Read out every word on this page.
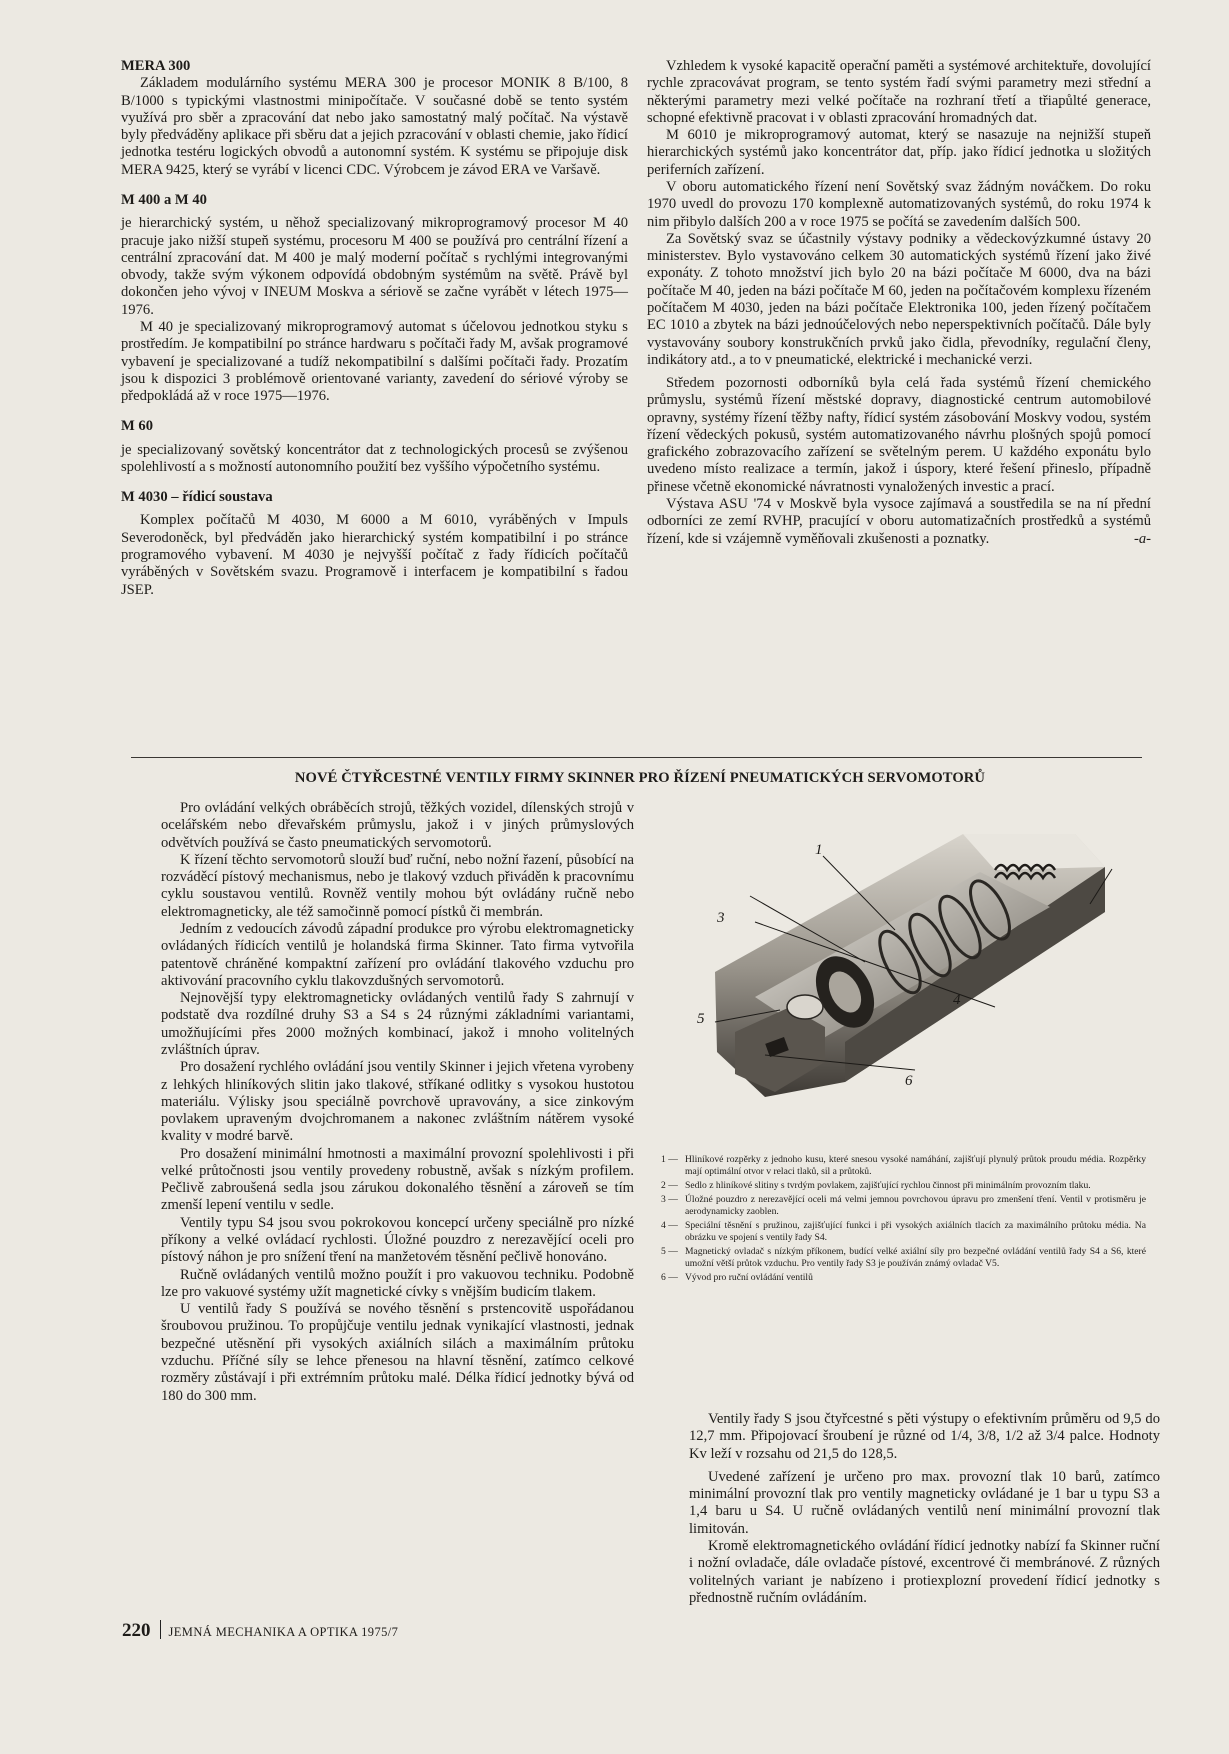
MERA 300

Základem modulárního systému MERA 300 je procesor MONIK 8 B/100, 8 B/1000 s typickými vlastnostmi minipočítače. V současné době se tento systém využívá pro sběr a zpracování dat nebo jako samostatný malý počítač. Na výstavě byly předváděny aplikace při sběru dat a jejich pzracování v oblasti chemie, jako řídicí jednotka testéru logických obvodů a autonomní systém. K systému se připojuje disk MERA 9425, který se vyrábí v licenci CDC. Výrobcem je závod ERA ve Varšavě.

M 400 a M 40

je hierarchický systém, u něhož specializovaný mikroprogramový procesor M 40 pracuje jako nižší stupeň systému, procesoru M 400 se používá pro centrální řízení a centrální zpracování dat. M 400 je malý moderní počítač s rychlými integrovanými obvody, takže svým výkonem odpovídá obdobným systémům na světě. Právě byl dokončen jeho vývoj v INEUM Moskva a sériově se začne vyrábět v létech 1975—1976.

M 40 je specializovaný mikroprogramový automat s účelovou jednotkou styku s prostředím. Je kompatibilní po stránce hardwaru s počítači řady M, avšak programové vybavení je specializované a tudíž nekompatibilní s dalšími počítači řady. Prozatím jsou k dispozici 3 problémově orientované varianty, zavedení do sériové výroby se předpokládá až v roce 1975—1976.

M 60

je specializovaný sovětský koncentrátor dat z technologických procesů se zvýšenou spolehlivostí a s možností autonomního použití bez vyššího výpočetního systému.

M 4030 – řídicí soustava

Komplex počítačů M 4030, M 6000 a M 6010, vyráběných v Impuls Severodoněck, byl předváděn jako hierarchický systém kompatibilní i po stránce programového vybavení. M 4030 je nejvyšší počítač z řady řídicích počítačů vyráběných v Sovětském svazu. Programově i interfacem je kompatibilní s řadou JSEP.

Vzhledem k vysoké kapacitě operační paměti a systémové architektuře, dovolující rychle zpracovávat program, se tento systém řadí svými parametry mezi střední a některými parametry mezi velké počítače na rozhraní třetí a třiapůlté generace, schopné efektivně pracovat i v oblasti zpracování hromadných dat.

M 6010 je mikroprogramový automat, který se nasazuje na nejnižší stupeň hierarchických systémů jako koncentrátor dat, příp. jako řídicí jednotka u složitých periferních zařízení.

V oboru automatického řízení není Sovětský svaz žádným nováčkem. Do roku 1970 uvedl do provozu 170 komplexně automatizovaných systémů, do roku 1974 k nim přibylo dalších 200 a v roce 1975 se počítá se zavedením dalších 500.

Za Sovětský svaz se účastnily výstavy podniky a vědeckovýzkumné ústavy 20 ministerstev. Bylo vystavováno celkem 30 automatických systémů řízení jako živé exponáty. Z tohoto množství jich bylo 20 na bázi počítače M 6000, dva na bázi počítače M 40, jeden na bázi počítače M 60, jeden na počítačovém komplexu řízeném počítačem M 4030, jeden na bázi počítače Elektronika 100, jeden řízený počítačem EC 1010 a zbytek na bázi jednoúčelových nebo neperspektivních počítačů. Dále byly vystavovány soubory konstrukčních prvků jako čidla, převodníky, regulační členy, indikátory atd., a to v pneumatické, elektrické i mechanické verzi.

Středem pozornosti odborníků byla celá řada systémů řízení chemického průmyslu, systémů řízení městské dopravy, diagnostické centrum automobilové opravny, systémy řízení těžby nafty, řídicí systém zásobování Moskvy vodou, systém řízení vědeckých pokusů, systém automatizovaného návrhu plošných spojů pomocí grafického zobrazovacího zařízení se světelným perem. U každého exponátu bylo uvedeno místo realizace a termín, jakož i úspory, které řešení přineslo, případně přinese včetně ekonomické návratnosti vynaložených investic a prací.

Výstava ASU '74 v Moskvě byla vysoce zajímavá a soustředila se na ní přední odborníci ze zemí RVHP, pracující v oboru automatizačních prostředků a systémů řízení, kde si vzájemně vyměňovali zkušenosti a poznatky.	-a-

NOVÉ ČTYŘCESTNÉ VENTILY FIRMY SKINNER PRO ŘÍZENÍ PNEUMATICKÝCH SERVOMOTORŮ

Pro ovládání velkých obráběcích strojů, těžkých vozidel, dílenských strojů v ocelářském nebo dřevařském průmyslu, jakož i v jiných průmyslových odvětvích používá se často pneumatických servomotorů.

K řízení těchto servomotorů slouží buď ruční, nebo nožní řazení, působící na rozváděcí pístový mechanismus, nebo je tlakový vzduch přiváděn k pracovnímu cyklu soustavou ventilů. Rovněž ventily mohou být ovládány ručně nebo elektromagneticky, ale též samočinně pomocí pístků či membrán.

Jedním z vedoucích závodů západní produkce pro výrobu elektromagneticky ovládaných řídicích ventilů je holandská firma Skinner. Tato firma vytvořila patentově chráněné kompaktní zařízení pro ovládání tlakového vzduchu pro aktivování pracovního cyklu tlakovzdušných servomotorů.

Nejnovější typy elektromagneticky ovládaných ventilů řady S zahrnují v podstatě dva rozdílné druhy S3 a S4 s 24 různými základními variantami, umožňujícími přes 2000 možných kombinací, jakož i mnoho volitelných zvláštních úprav.

Pro dosažení rychlého ovládání jsou ventily Skinner i jejich vřetena vyrobeny z lehkých hliníkových slitin jako tlakové, stříkané odlitky s vysokou hustotou materiálu. Výlisky jsou speciálně povrchově upravovány, a sice zinkovým povlakem upraveným dvojchromanem a nakonec zvláštním nátěrem vysoké kvality v modré barvě.

Pro dosažení minimální hmotnosti a maximální provozní spolehlivosti i při velké průtočnosti jsou ventily provedeny robustně, avšak s nízkým profilem. Pečlivě zabroušená sedla jsou zárukou dokonalého těsnění a zároveň se tím zmenší lepení ventilu v sedle.

Ventily typu S4 jsou svou pokrokovou koncepcí určeny speciálně pro nízké příkony a velké ovládací rychlosti. Úložné pouzdro z nerezavějící oceli pro pístový náhon je pro snížení tření na manžetovém těsnění pečlivě honováno.

Ručně ovládaných ventilů možno použít i pro vakuovou techniku. Podobně lze pro vakuové systémy užít magnetické cívky s vnějším budicím tlakem.

U ventilů řady S používá se nového těsnění s prstencovitě uspořádanou šroubovou pružinou. To propůjčuje ventilu jednak vynikající vlastnosti, jednak bezpečné utěsnění při vysokých axiálních silách a maximálním průtoku vzduchu. Příčné síly se lehce přenesou na hlavní těsnění, zatímco celkové rozměry zůstávají i při extrémním průtoku malé. Délka řídicí jednotky bývá od 180 do 300 mm.

1
3
4
5
6
1 — Hliníkové rozpěrky z jednoho kusu, které snesou vysoké namáhání, zajišťují plynulý průtok proudu média. Rozpěrky mají optimální otvor v relaci tlaků, sil a průtoků.
2 — Sedlo z hliníkové slitiny s tvrdým povlakem, zajišťující rychlou činnost při minimálním provozním tlaku.
3 — Úložné pouzdro z nerezavějící oceli má velmi jemnou povrchovou úpravu pro zmenšení tření. Ventil v protisměru je aerodynamicky zaoblen.
4 — Speciální těsnění s pružinou, zajišťující funkci i při vysokých axiálních tlacích za maximálního průtoku média. Na obrázku ve spojení s ventily řady S4.
5 — Magnetický ovladač s nízkým příkonem, budící velké axiální síly pro bezpečné ovládání ventilů řady S4 a S6, které umožní větší průtok vzduchu. Pro ventily řady S3 je používán známý ovladač V5.
6 — Vývod pro ruční ovládání ventilů

Ventily řady S jsou čtyřcestné s pěti výstupy o efektivním průměru od 9,5 do 12,7 mm. Připojovací šroubení je různé od 1/4, 3/8, 1/2 až 3/4 palce. Hodnoty Kv leží v rozsahu od 21,5 do 128,5.

Uvedené zařízení je určeno pro max. provozní tlak 10 barů, zatímco minimální provozní tlak pro ventily magneticky ovládané je 1 bar u typu S3 a 1,4 baru u S4. U ručně ovládaných ventilů není minimální provozní tlak limitován.

Kromě elektromagnetického ovládání řídicí jednotky nabízí fa Skinner ruční i nožní ovladače, dále ovladače pístové, excentrové či membránové. Z různých volitelných variant je nabízeno i protiexplozní provedení řídicí jednotky s přednostně ručním ovládáním.

220 JEMNÁ MECHANIKA A OPTIKA 1975/7
